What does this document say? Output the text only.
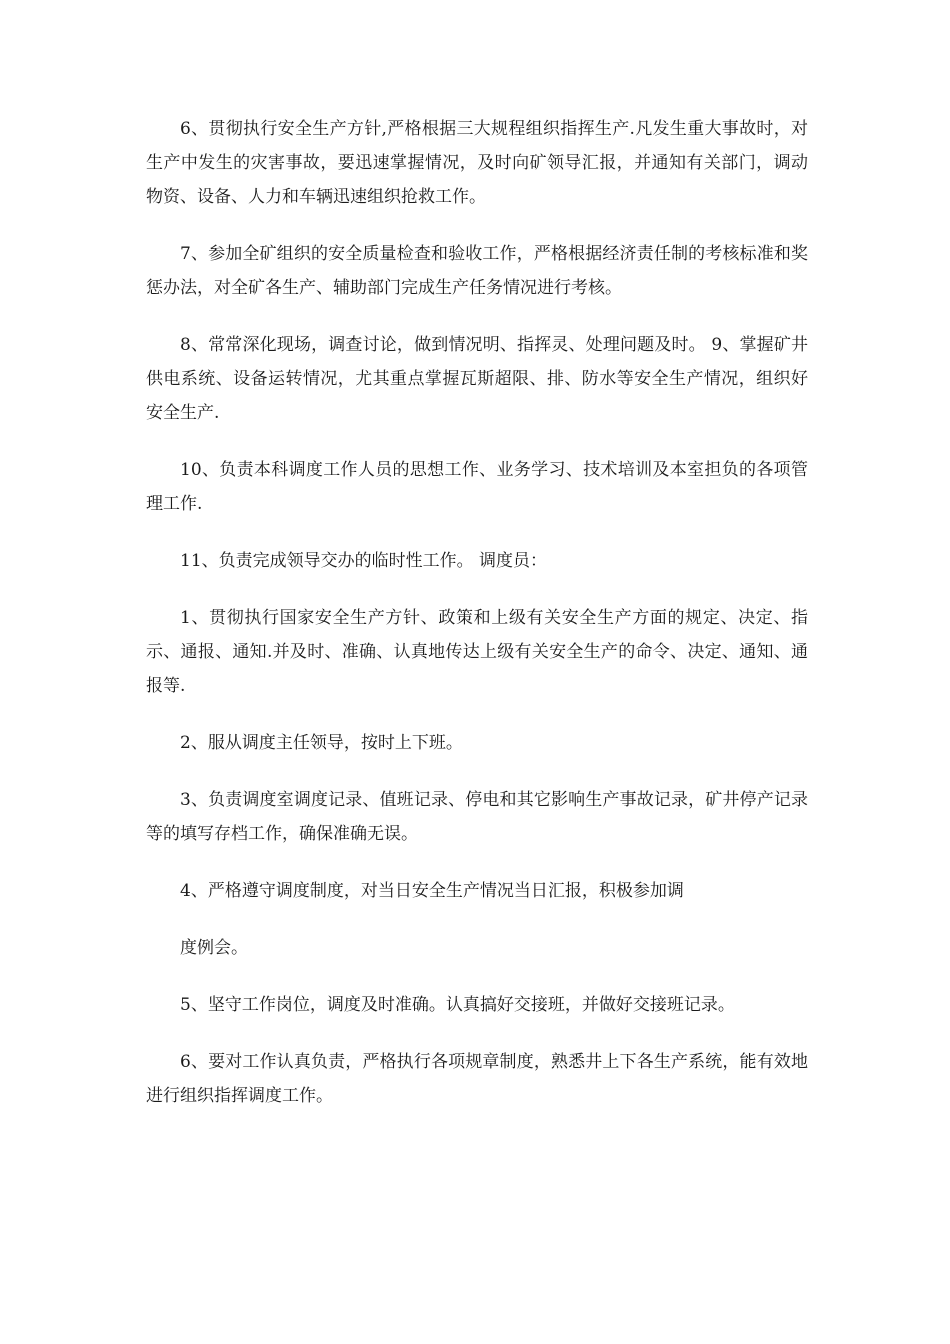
6、贯彻执行安全生产方针,严格根据三大规程组织指挥生产.凡发生重大事故时，对生产中发生的灾害事故，要迅速掌握情况，及时向矿领导汇报，并通知有关部门，调动物资、设备、人力和车辆迅速组织抢救工作。

7、参加全矿组织的安全质量检查和验收工作，严格根据经济责任制的考核标准和奖惩办法，对全矿各生产、辅助部门完成生产任务情况进行考核。

8、常常深化现场，调查讨论，做到情况明、指挥灵、处理问题及时。 9、掌握矿井供电系统、设备运转情况，尤其重点掌握瓦斯超限、排、防水等安全生产情况，组织好安全生产.

10、负责本科调度工作人员的思想工作、业务学习、技术培训及本室担负的各项管理工作.

11、负责完成领导交办的临时性工作。 调度员：

1、贯彻执行国家安全生产方针、政策和上级有关安全生产方面的规定、决定、指示、通报、通知.并及时、准确、认真地传达上级有关安全生产的命令、决定、通知、通报等.

2、服从调度主任领导，按时上下班。

3、负责调度室调度记录、值班记录、停电和其它影响生产事故记录，矿井停产记录等的填写存档工作，确保准确无误。

4、严格遵守调度制度，对当日安全生产情况当日汇报，积极参加调

度例会。

5、坚守工作岗位，调度及时准确。认真搞好交接班，并做好交接班记录。

6、要对工作认真负责，严格执行各项规章制度，熟悉井上下各生产系统，能有效地进行组织指挥调度工作。
